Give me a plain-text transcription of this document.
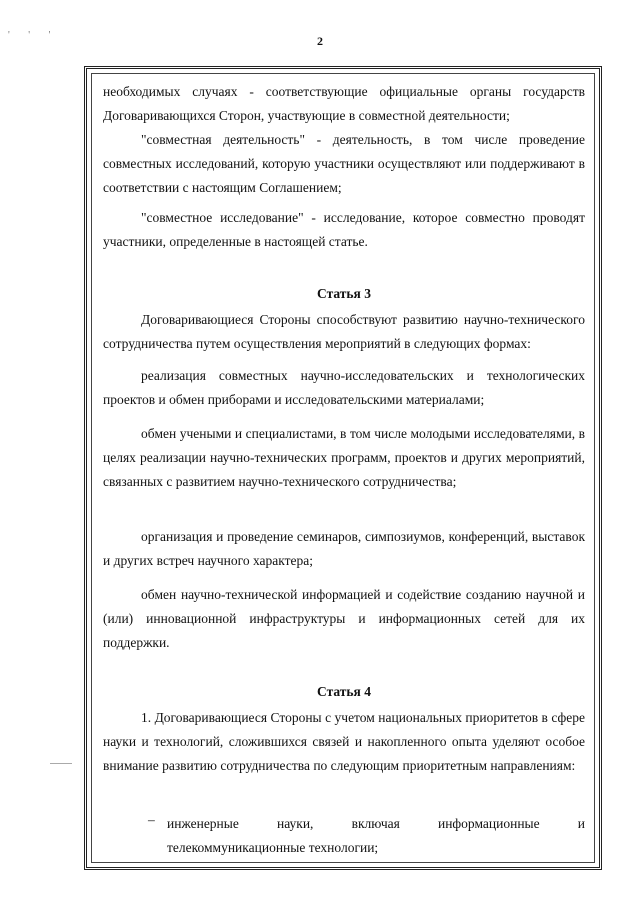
' ' '	2

необходимых случаях - соответствующие официальные органы государств Договаривающихся Сторон, участвующие в совместной деятельности;

"совместная деятельность" - деятельность, в том числе проведение совместных исследований, которую участники осуществляют или поддерживают в соответствии с настоящим Соглашением;

"совместное исследование" - исследование, которое совместно проводят участники, определенные в настоящей статье.

Статья 3

Договаривающиеся Стороны способствуют развитию научно-технического сотрудничества путем осуществления мероприятий в следующих формах:

реализация совместных научно-исследовательских и технологических проектов и обмен приборами и исследовательскими материалами;

обмен учеными и специалистами, в том числе молодыми исследователями, в целях реализации научно-технических программ, проектов и других мероприятий, связанных с развитием научно-технического сотрудничества;

организация и проведение семинаров, симпозиумов, конференций, выставок и других встреч научного характера;

обмен научно-технической информацией и содействие созданию научной и (или) инновационной инфраструктуры и информационных сетей для их поддержки.

Статья 4

1. Договаривающиеся Стороны с учетом национальных приоритетов в сфере науки и технологий, сложившихся связей и накопленного опыта уделяют особое внимание развитию сотрудничества по следующим приоритетным направлениям:

– инженерные науки, включая информационные и телекоммуникационные технологии;
